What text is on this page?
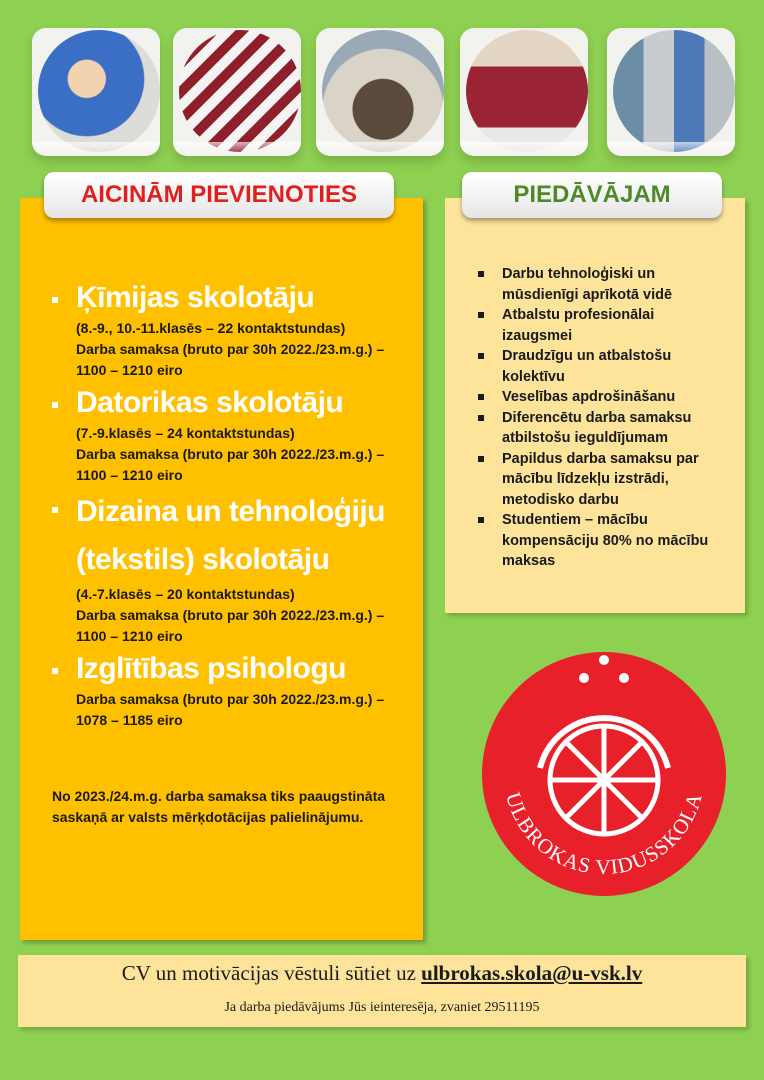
AICINĀM PIEVIENOTIES
Ķīmijas skolotāju
(8.-9., 10.-11.klasēs – 22 kontaktstundas)
Darba samaksa (bruto par 30h 2022./23.m.g.) –
1100 – 1210 eiro
Datorikas skolotāju
(7.-9.klasēs – 24 kontaktstundas)
Darba samaksa (bruto par 30h 2022./23.m.g.) –
1100 – 1210 eiro
Dizaina un tehnoloģiju
(tekstils) skolotāju
(4.-7.klasēs – 20 kontaktstundas)
Darba samaksa (bruto par 30h 2022./23.m.g.) –
1100 – 1210 eiro
Izglītības psihologu
Darba samaksa (bruto par 30h 2022./23.m.g.) –
1078 – 1185 eiro
No 2023./24.m.g. darba samaksa tiks paaugstināta
saskaņā ar valsts mērķdotācijas palielinājumu.
PIEDĀVĀJAM
Darbu tehnoloģiski un
mūsdienīgi aprīkotā vidē
Atbalstu profesionālai
izaugsmei
Draudzīgu un atbalstošu
kolektīvu
Veselības apdrošināšanu
Diferencētu darba samaksu
atbilstošu ieguldījumam
Papildus darba samaksu par
mācību līdzekļu izstrādi,
metodisko darbu
Studentiem – mācību
kompensāciju 80% no mācību
maksas
ULBROKAS VIDUSSKOLA
CV un motivācijas vēstuli sūtiet uz ulbrokas.skola@u-vsk.lv
Ja darba piedāvājums Jūs ieinteresēja, zvaniet 29511195
